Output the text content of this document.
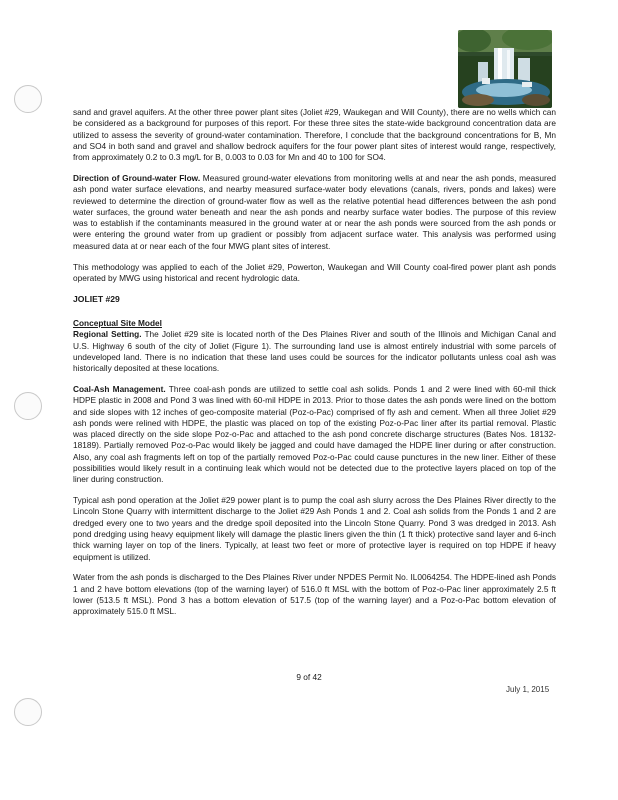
sand and gravel aquifers. At the other three power plant sites (Joliet #29, Waukegan and Will County), there are no wells which can be considered as a background for purposes of this report. For these three sites the state-wide background concentration data are utilized to assess the severity of ground-water contamination. Therefore, I conclude that the background concentrations for B, Mn and SO4 in both sand and gravel and shallow bedrock aquifers for the four power plant sites of interest would range, respectively, from approximately 0.2 to 0.3 mg/L for B, 0.003 to 0.03 for Mn and 40 to 100 for SO4.

Direction of Ground-water Flow. Measured ground-water elevations from monitoring wells at and near the ash ponds, measured ash pond water surface elevations, and nearby measured surface-water body elevations (canals, rivers, ponds and lakes) were reviewed to determine the direction of ground-water flow as well as the relative potential head differences between the ash pond water surfaces, the ground water beneath and near the ash ponds and nearby surface water bodies. The purpose of this review was to establish if the contaminants measured in the ground water at or near the ash ponds were sourced from the ash ponds or were entering the ground water from up gradient or possibly from adjacent surface water. This analysis was performed using measured data at or near each of the four MWG plant sites of interest.

This methodology was applied to each of the Joliet #29, Powerton, Waukegan and Will County coal-fired power plant ash ponds operated by MWG using historical and recent hydrologic data.

JOLIET #29
Conceptual Site Model

Regional Setting. The Joliet #29 site is located north of the Des Plaines River and south of the Illinois and Michigan Canal and U.S. Highway 6 south of the city of Joliet (Figure 1). The surrounding land use is almost entirely industrial with some parcels of undeveloped land. There is no indication that these land uses could be sources for the indicator pollutants unless coal ash was historically deposited at these locations.

Coal-Ash Management. Three coal-ash ponds are utilized to settle coal ash solids. Ponds 1 and 2 were lined with 60-mil thick HDPE plastic in 2008 and Pond 3 was lined with 60-mil HDPE in 2013. Prior to those dates the ash ponds were lined on the bottom and side slopes with 12 inches of geo-composite material (Poz-o-Pac) comprised of fly ash and cement. When all three Joliet #29 ash ponds were relined with HDPE, the plastic was placed on top of the existing Poz-o-Pac liner after its partial removal. Plastic was placed directly on the side slope Poz-o-Pac and attached to the ash pond concrete discharge structures (Bates Nos. 18132-18189). Partially removed Poz-o-Pac would likely be jagged and could have damaged the HDPE liner during or after construction. Also, any coal ash fragments left on top of the partially removed Poz-o-Pac could cause punctures in the new liner. Either of these possibilities would likely result in a continuing leak which would not be detected due to the protective layers placed on top of the liner during construction.

Typical ash pond operation at the Joliet #29 power plant is to pump the coal ash slurry across the Des Plaines River directly to the Lincoln Stone Quarry with intermittent discharge to the Joliet #29 Ash Ponds 1 and 2. Coal ash solids from the Ponds 1 and 2 are dredged every one to two years and the dredge spoil deposited into the Lincoln Stone Quarry. Pond 3 was dredged in 2013. Ash pond dredging using heavy equipment likely will damage the plastic liners given the thin (1 ft thick) protective sand layer and 6-inch thick warning layer on top of the liners. Typically, at least two feet or more of protective layer is required on top HDPE if heavy equipment is utilized.

Water from the ash ponds is discharged to the Des Plaines River under NPDES Permit No. IL0064254. The HDPE-lined ash Ponds 1 and 2 have bottom elevations (top of the warning layer) of 516.0 ft MSL with the bottom of Poz-o-Pac liner approximately 2.5 ft lower (513.5 ft MSL). Pond 3 has a bottom elevation of 517.5 (top of the warning layer) and a Poz-o-Pac bottom elevation of approximately 515.0 ft MSL.

9 of 42
July 1, 2015
